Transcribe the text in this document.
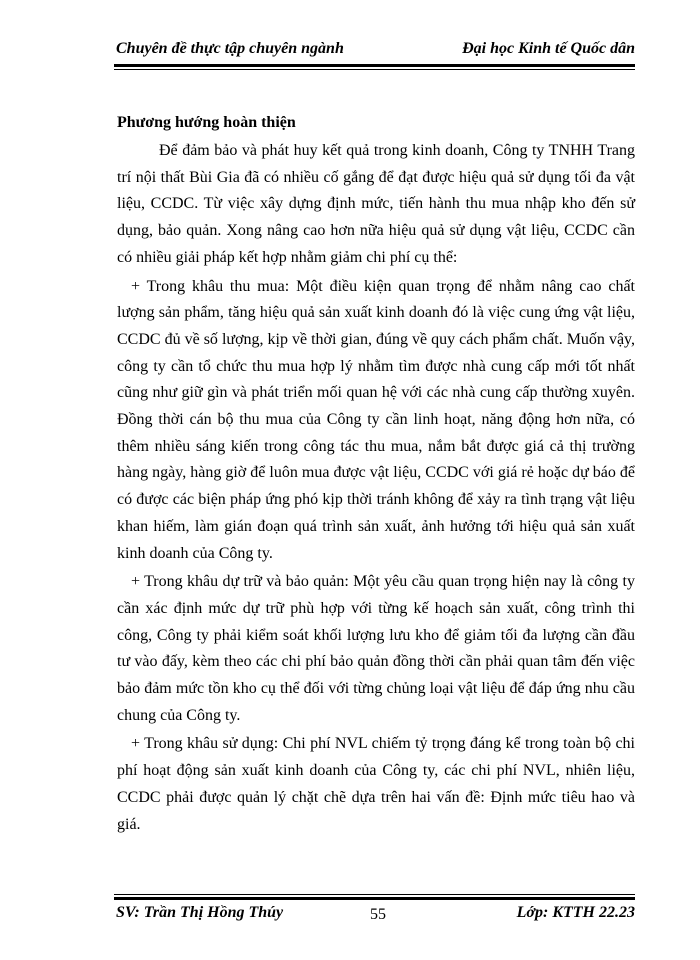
Chuyên đề thực tập chuyên ngành	Đại học Kinh tế Quốc dân
Phương hướng hoàn thiện

Để đảm bảo và phát huy kết quả trong kinh doanh, Công ty TNHH Trang trí nội thất Bùi Gia đã có nhiều cố gắng để đạt được hiệu quả sử dụng tối đa vật liệu, CCDC. Từ việc xây dựng định mức, tiến hành thu mua nhập kho đến sử dụng, bảo quản. Xong nâng cao hơn nữa hiệu quả sử dụng vật liệu, CCDC cần có nhiều giải pháp kết hợp nhằm giảm chi phí cụ thể:

+ Trong khâu thu mua: Một điều kiện quan trọng để nhằm nâng cao chất lượng sản phẩm, tăng hiệu quả sản xuất kinh doanh đó là việc cung ứng vật liệu, CCDC đủ về số lượng, kịp về thời gian, đúng về quy cách phẩm chất. Muốn vậy, công ty cần tổ chức thu mua hợp lý nhằm tìm được nhà cung cấp mới tốt nhất cũng như giữ gìn và phát triển mối quan hệ với các nhà cung cấp thường xuyên. Đồng thời cán bộ thu mua của Công ty cần linh hoạt, năng động hơn nữa, có thêm nhiều sáng kiến trong công tác thu mua, nắm bắt được giá cả thị trường hàng ngày, hàng giờ để luôn mua được vật liệu, CCDC với giá rẻ hoặc dự báo để có được các biện pháp ứng phó kịp thời tránh không để xảy ra tình trạng vật liệu khan hiếm, làm gián đoạn quá trình sản xuất, ảnh hưởng tới hiệu quả sản xuất kinh doanh của Công ty.

+ Trong khâu dự trữ và bảo quản: Một yêu cầu quan trọng hiện nay là công ty cần xác định mức dự trữ phù hợp với từng kế hoạch sản xuất, công trình thi công, Công ty phải kiểm soát khối lượng lưu kho để giảm tối đa lượng cần đầu tư vào đấy, kèm theo các chi phí bảo quản đồng thời cần phải quan tâm đến việc bảo đảm mức tồn kho cụ thể đối với từng chủng loại vật liệu để đáp ứng nhu cầu chung của Công ty.

+ Trong khâu sử dụng: Chi phí NVL chiếm tỷ trọng đáng kể trong toàn bộ chi phí hoạt động sản xuất kinh doanh của Công ty, các chi phí NVL, nhiên liệu, CCDC phải được quản lý chặt chẽ dựa trên hai vấn đề: Định mức tiêu hao và giá.

SV: Trần Thị Hồng Thúy	55	Lớp: KTTH 22.23
